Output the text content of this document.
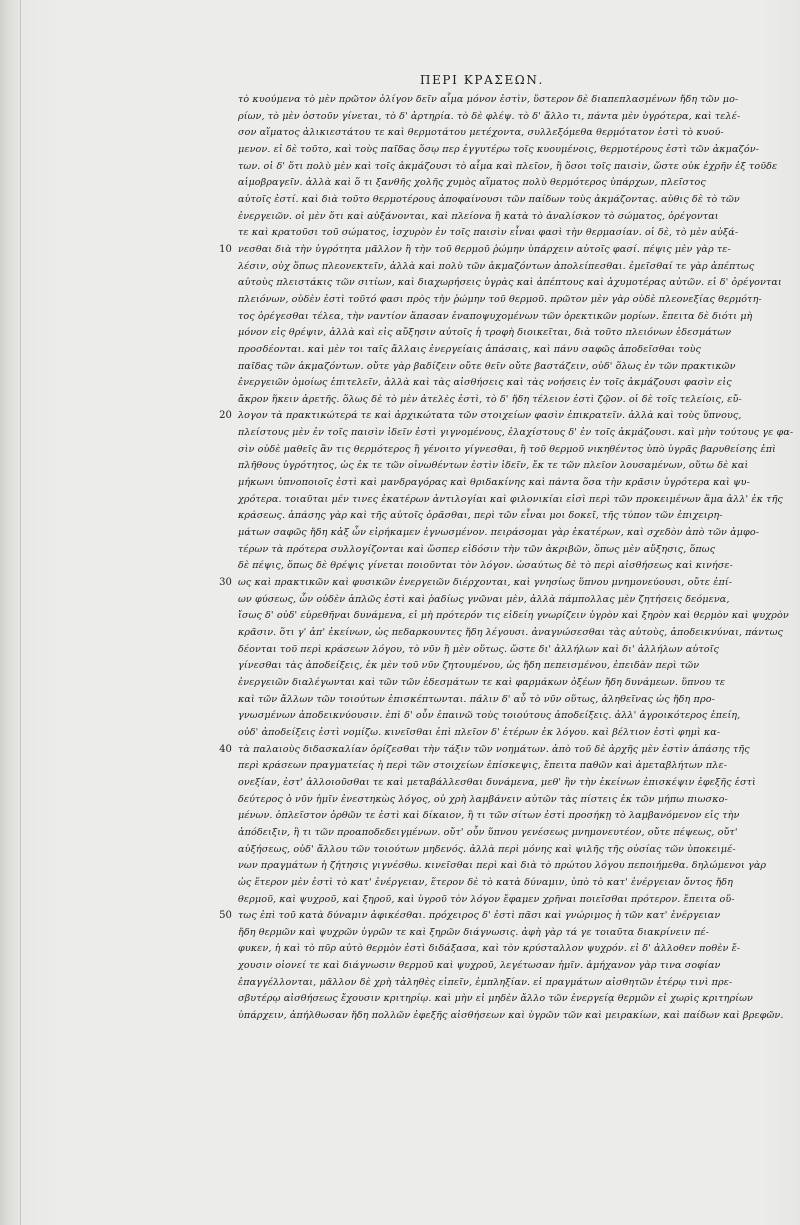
ΠΕΡΙ ΚΡΑΣΕΩΝ.
τὸ κυούμενα τὸ μὲν πρῶτον ὀλίγον δεῖν αἷμα μόνον ἐστὶν, ὕστερον δὲ διαπεπλασμένων ἤδη τῶν μο-
ρίων, τὸ μὲν ὀστοῦν γίνεται, τὸ δ' ἀρτηρία. τὸ δὲ φλέψ. τὸ δ' ἄλλο τι, πάντα μὲν ὑγρότερα, καὶ τελέ-
σον αἵματος ἀλικιεστάτου τε καὶ θερμοτάτου μετέχοντα, συλλεξόμεθα θερμότατον ἐστὶ τὸ κυού-
μενον. εἰ δὲ τοῦτο, καὶ τοὺς παῖδας ὅσῳ περ ἐγγυτέρω τοῖς κυουμένοις, θερμοτέρους ἐστὶ τῶν ἀκμαζόν-
των. οἱ δ' ὅτι πολὺ μὲν καὶ τοῖς ἀκμάζουσι τὸ αἷμα καὶ πλεῖον, ἢ ὅσοι τοῖς παισὶν, ὥστε οὐκ ἐχρῆν ἐξ τοῦδε
αἱμοβραγεῖν. ἀλλὰ καὶ ὅ τι ξανθῆς χολῆς χυμὸς αἵματος πολὺ θερμότερος ὑπάρχων, πλεῖστος
αὐτοῖς ἐστί. καὶ διὰ τοῦτο θερμοτέρους ἀποφαίνουσι τῶν παίδων τοὺς ἀκμάζοντας. αὐθις δὲ τὸ τῶν
ἐνεργειῶν. οἱ μὲν ὅτι καὶ αὐξάνονται, καὶ πλείονα ἢ κατὰ τὸ ἀναλίσκον τὸ σώματος, ὀρέγονται
τε καὶ κρατοῦσι τοῦ σώματος, ἰσχυρὸν ἐν τοῖς παισὶν εἶναι φασὶ τὴν θερμασίαν. οἱ δὲ, τὸ μὲν αὐξά-
10 νεσθαι διὰ τὴν ὑγρότητα μᾶλλον ἢ τὴν τοῦ θερμοῦ ῥώμην ὑπάρχειν αὐτοῖς φασί. πέψις μὲν γὰρ τε-
λέσιν, οὐχ ὅπως πλεονεκτεῖν, ἀλλὰ καὶ πολὺ τῶν ἀκμαζόντων ἀπολείπεσθαι. ἐμεῖσθαί τε γὰρ ἀπέπτως
αὐτοὺς πλειστάκις τῶν σιτίων, καὶ διαχωρήσεις ὑγρὰς καὶ ἀπέπτους καὶ ἀχυμοτέρας αὐτῶν. εἰ δ' ὀρέγονται
πλειόνων, οὐδὲν ἐστὶ τοῦτό φασι πρὸς τὴν ῥώμην τοῦ θερμοῦ. πρῶτον μὲν γὰρ οὐδὲ πλεονεξίας θερμότη-
τος ὀρέγεσθαι τέλεα, τὴν ναντίον ἅπασαν ἐναποψυχομένων τῶν ὀρεκτικῶν μορίων. ἔπειτα δὲ διότι μὴ
μόνον εἰς θρέψιν, ἀλλὰ καὶ εἰς αὔξησιν αὐτοῖς ἡ τροφὴ διοικεῖται, διὰ τοῦτο πλειόνων ἐδεσμάτων
προσδέονται. καὶ μὲν τοι ταῖς ἄλλαις ἐνεργείαις ἁπάσαις, καὶ πάνυ σαφῶς ἀποδεῖσθαι τοὺς
παῖδας τῶν ἀκμαζόντων. οὔτε γὰρ βαδίζειν οὔτε θεῖν οὔτε βαστάζειν, οὐδ' ὅλως ἐν τῶν πρακτικῶν
ἐνεργειῶν ὁμοίως ἐπιτελεῖν, ἀλλὰ καὶ τὰς αἰσθήσεις καὶ τὰς νοήσεις ἐν τοῖς ἀκμάζουσι φασὶν εἰς
ἄκρον ἥκειν ἀρετῆς. ὅλως δὲ τὸ μὲν ἀτελὲς ἐστὶ, τὸ δ' ἤδη τέλειον ἐστὶ ζῷον. οἱ δὲ τοῖς τελείοις, εὔ-
20 λογον τὰ πρακτικώτερά τε καὶ ἀρχικώτατα τῶν στοιχείων φασὶν ἐπικρατεῖν. ἀλλὰ καὶ τοὺς ὕπνους,
πλείστους μὲν ἐν τοῖς παισὶν ἰδεῖν ἐστὶ γιγνομένους, ἐλαχίστους δ' ἐν τοῖς ἀκμάζουσι. καὶ μὴν τούτους γε φα-
σὶν οὐδὲ μαθεῖς ἂν τις θερμότερος ἢ γένοιτο γίγνεσθαι, ἢ τοῦ θερμοῦ νικηθέντος ὑπὸ ὑγρᾶς βαρυθείσης ἐπὶ
πλῆθους ὑγρότητος, ὡς ἐκ τε τῶν οἰνωθέντων ἐστὶν ἰδεῖν, ἔκ τε τῶν πλεῖον λουσαμένων, οὕτω δὲ καὶ
μήκωνι ὑπνοποιοῖς ἐστὶ καὶ μανδραγόρας καὶ θριδακίνης καὶ πάντα ὅσα τὴν κρᾶσιν ὑγρότερα καὶ ψυ-
χρότερα. τοιαῦται μέν τινες ἑκατέρων ἀντιλογίαι καὶ φιλονικίαι εἰσὶ περὶ τῶν προκειμένων ἅμα ἀλλ' ἐκ τῆς
κράσεως. ἁπάσης γὰρ καὶ τῆς αὐτοῖς ὁρᾶσθαι, περὶ τῶν εἶναι μοι δοκεῖ, τῆς τύπον τῶν ἐπιχειρη-
μάτων σαφῶς ἤδη κἀξ ὧν εἰρήκαμεν ἐγνωσμένον. πειράσομαι γὰρ ἑκατέρων, καὶ σχεδὸν ἀπὸ τῶν ἀμφο-
τέρων τὰ πρότερα συλλογίζονται καὶ ὥσπερ εἰδόσιν τὴν τῶν ἀκριβῶν, ὅπως μὲν αὔξησις, ὅπως
δὲ πέψις, ὅπως δὲ θρέψις γίνεται ποιοῦνται τὸν λόγον. ὡσαύτως δὲ τὸ περὶ αἰσθήσεως καὶ κινήσε-
30 ως καὶ πρακτικῶν καὶ φυσικῶν ἐνεργειῶν διέρχονται, καὶ γνησίως ὕπνου μνημονεύουσι, οὔτε ἐπί-
ων φύσεως, ὧν οὐδὲν ἁπλῶς ἐστὶ καὶ ῥαδίως γνῶναι μὲν, ἀλλὰ πάμπολλας μὲν ζητήσεις δεόμενα,
ἴσως δ' οὐδ' εὑρεθῆναι δυνάμενα, εἰ μὴ πρότερόν τις εἰδείη γνωρίζειν ὑγρὸν καὶ ξηρὸν καὶ θερμὸν καὶ ψυχρὸν
κρᾶσιν. ὅτι γ' ἀπ' ἐκείνων, ὡς πεδαρκουντες ἤδη λέγουσι. ἀναγνώσεσθαι τὰς αὐτοὺς, ἀποδεικνύναι, πάντως
δέονται τοῦ περὶ κράσεων λόγου, τὸ νῦν ἢ μὲν οὕτως. ὥστε δι' ἀλλήλων καὶ δι' ἀλλήλων αὐτοῖς
γίνεσθαι τὰς ἀποδείξεις, ἐκ μὲν τοῦ νῦν ζητουμένου, ὡς ἤδη πεπεισμένου, ἐπειδὰν περὶ τῶν
ἐνεργειῶν διαλέγωνται καὶ τῶν τῶν ἐδεσμάτων τε καὶ φαρμάκων ὀξέων ἤδη δυνάμεων. ὕπνου τε
καὶ τῶν ἄλλων τῶν τοιούτων ἐπισκέπτωνται. πάλιν δ' αὖ τὸ νῦν οὕτως, ἀληθεῖνας ὡς ἤδη προ-
γνωσμένων ἀποδεικνύουσιν. ἐπὶ δ' οὖν ἐπαινῶ τοὺς τοιούτους ἀποδείξεις. ἀλλ' ἀγροικότερος ἐπείη,
οὐδ' ἀποδείξεις ἐστὶ νομίζω. κινεῖσθαι ἐπὶ πλεῖον δ' ἑτέρων ἐκ λόγου. καὶ βέλτιον ἐστὶ φημὶ κα-
40 τὰ παλαιοὺς διδασκαλίαν ὁρίζεσθαι τὴν τάξιν τῶν νοημάτων. ἀπὸ τοῦ δὲ ἀρχῆς μὲν ἐστὶν ἁπάσης τῆς
περὶ κράσεων πραγματείας ἡ περὶ τῶν στοιχείων ἐπίσκεψις, ἔπειτα παθῶν καὶ ἀμεταβλήτων πλε-
ονεξίαν, ἐστ' ἀλλοιοῦσθαι τε καὶ μεταβάλλεσθαι δυνάμενα, μεθ' ἣν τὴν ἐκείνων ἐπισκέψιν ἐφεξῆς ἐστὶ
δεύτερος ὁ νῦν ἡμῖν ἐνεστηκὼς λόγος, οὐ χρὴ λαμβάνειν αὐτῶν τὰς πίστεις ἐκ τῶν μήπω πιωσκο-
μένων. ὁπλεῖστον ὀρθῶν τε ἐστὶ καὶ δίκαιον, ἢ τι τῶν σίτων ἐστὶ προσήκῃ τὸ λαμβανόμενον εἰς τὴν
ἀπόδειξιν, ἢ τι τῶν προαποδεδειγμένων. οὔτ' οὖν ὕπνου γενέσεως μνημονευτέον, οὔτε πέψεως, οὔτ'
αὐξήσεως, οὐδ' ἄλλου τῶν τοιούτων μηδενός. ἀλλὰ περὶ μόνης καὶ ψιλῆς τῆς οὐσίας τῶν ὑποκειμέ-
νων πραγμάτων ἡ ζήτησις γιγνέσθω. κινεῖσθαι περὶ καὶ διὰ τὸ πρώτου λόγου πεποιήμεθα. δηλώμενοι γὰρ
ὡς ἕτερον μὲν ἐστὶ τὸ κατ' ἐνέργειαν, ἕτερον δὲ τὸ κατὰ δύναμιν, ὑπὸ τὸ κατ' ἐνέργειαν ὄντος ἤδη
θερμοῦ, καὶ ψυχροῦ, καὶ ξηροῦ, καὶ ὑγροῦ τὸν λόγον ἔφαμεν χρῆναι ποιεῖσθαι πρότερον. ἔπειτα οὕ-
50 τως ἐπὶ τοῦ κατὰ δύναμιν ἀφικέσθαι. πρόχειρος δ' ἐστὶ πᾶσι καὶ γνώριμος ἡ τῶν κατ' ἐνέργειαν
ἤδη θερμῶν καὶ ψυχρῶν ὑγρῶν τε καὶ ξηρῶν διάγνωσις. ἀφὴ γὰρ τά γε τοιαῦτα διακρίνειν πέ-
φυκεν, ἡ καὶ τὸ πῦρ αὐτὸ θερμὸν ἐστὶ διδάξασα, καὶ τὸν κρύσταλλον ψυχρόν. εἰ δ' ἀλλοθεν ποθὲν ἔ-
χουσιν οἰονεί τε καὶ διάγνωσιν θερμοῦ καὶ ψυχροῦ, λεγέτωσαν ἡμῖν. ἀμήχανον γὰρ τινα σοφίαν
ἐπαγγέλλονται, μᾶλλον δὲ χρὴ τἀληθὲς εἰπεῖν, ἐμπληξίαν. εἰ πραγμάτων αἰσθητῶν ἑτέρῳ τινὶ πρε-
σβυτέρῳ αἰσθήσεως ἔχουσιν κριτηρίῳ. καὶ μὴν εἰ μηδὲν ἄλλο τῶν ἐνεργείᾳ θερμῶν εἰ χωρὶς κριτηρίων
ὑπάρχειν, ἀπήλθωσαν ἤδη πολλῶν ἐφεξῆς αἰσθήσεων καὶ ὑγρῶν τῶν καὶ μειρακίων, καὶ παίδων καὶ βρεφῶν.
